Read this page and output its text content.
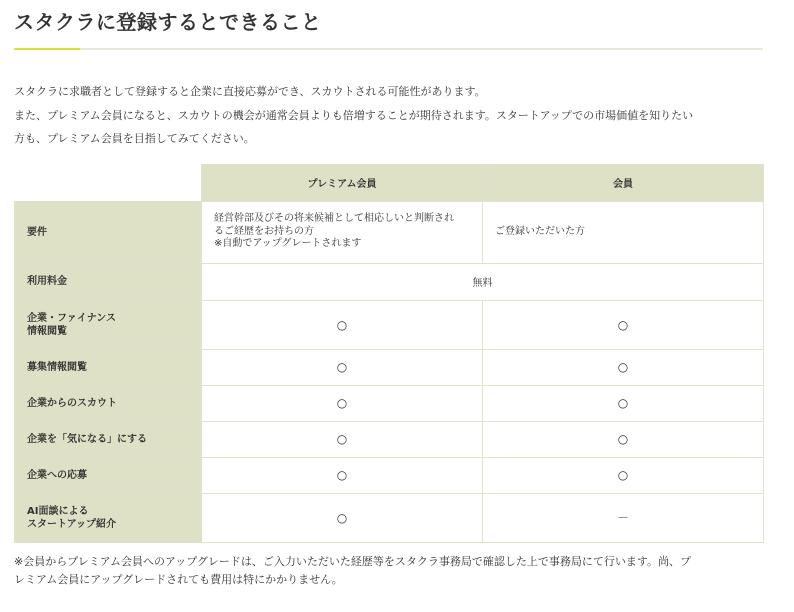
スタクラに登録するとできること

スタクラに求職者として登録すると企業に直接応募ができ、スカウトされる可能性があります。

また、プレミアム会員になると、スカウトの機会が通常会員よりも倍増することが期待されます。スタートアップでの市場価値を知りたい

方も、プレミアム会員を目指してみてください。

	プレミアム会員	会員
要件	経営幹部及びその将来候補として相応しいと判断され
るご経歴をお持ちの方
※自動でアップグレートされます	ご登録いただいた方
利用料金	無料	
企業・ファイナンス
情報閲覧	○	○
募集情報閲覧	○	○
企業からのスカウト	○	○
企業を「気になる」にする	○	○
企業への応募	○	○
AI面談による
スタートアップ紹介	○	－

※会員からプレミアム会員へのアップグレードは、ご入力いただいた経歴等をスタクラ事務局で確認した上で事務局にて行います。尚、プ

レミアム会員にアップグレードされても費用は特にかかりません。
